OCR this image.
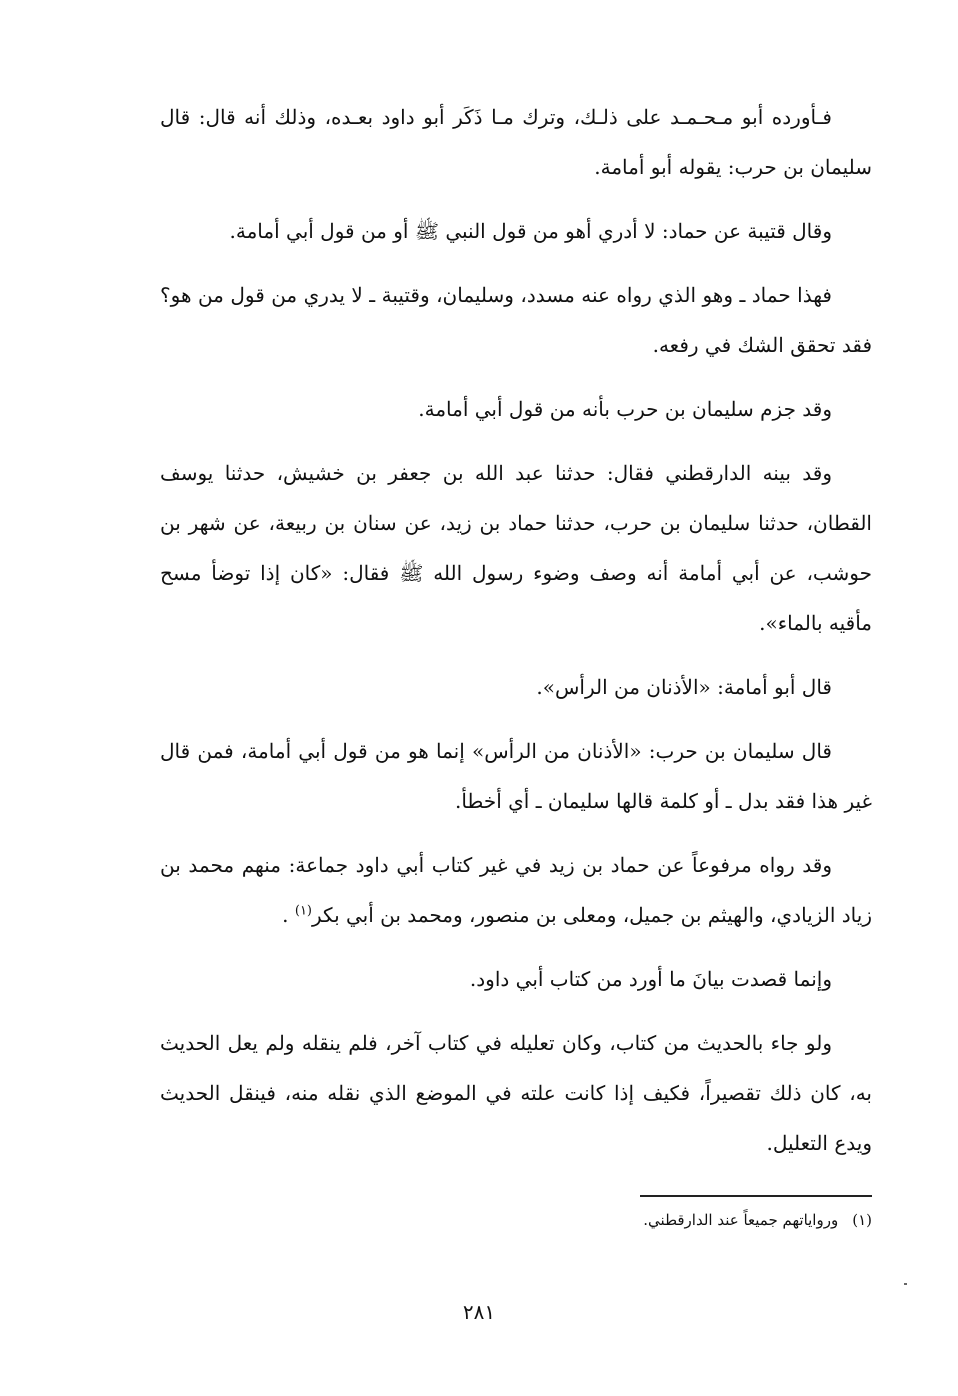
فـأورده أبو مـحـمـد على ذلـك، وترك مـا ذَكَر أبو داود بعـده، وذلك أنه قال: قال سليمان بن حرب: يقوله أبو أمامة.

وقال قتيبة عن حماد: لا أدري أهو من قول النبي ﷺ أو من قول أبي أمامة.

فهذا حماد ـ وهو الذي رواه عنه مسدد، وسليمان، وقتيبة ـ لا يدري من قول من هو؟ فقد تحقق الشك في رفعه.

وقد جزم سليمان بن حرب بأنه من قول أبي أمامة.

وقد بينه الدارقطني فقال: حدثنا عبد الله بن جعفر بن خشيش، حدثنا يوسف القطان، حدثنا سليمان بن حرب، حدثنا حماد بن زيد، عن سنان بن ربيعة، عن شهر بن حوشب، عن أبي أمامة أنه وصف وضوء رسول الله ﷺ فقال: «كان إذا توضأ مسح مأقيه بالماء».

قال أبو أمامة: «الأذنان من الرأس».

قال سليمان بن حرب: «الأذنان من الرأس» إنما هو من قول أبي أمامة، فمن قال غير هذا فقد بدل ـ أو كلمة قالها سليمان ـ أي أخطأ.

وقد رواه مرفوعاً عن حماد بن زيد في غير كتاب أبي داود جماعة: منهم محمد بن زياد الزيادي، والهيثم بن جميل، ومعلى بن منصور، ومحمد بن أبي بكر$^{(١)}$ .

وإنما قصدت بيانَ ما أورد من كتاب أبي داود.

ولو جاء بالحديث من كتاب، وكان تعليله في كتاب آخر، فلم ينقله ولم يعل الحديث به، كان ذلك تقصيراً، فكيف إذا كانت علته في الموضع الذي نقله منه، فينقل الحديث ويدع التعليل.

(١)ورواياتهم جميعاً عند الدارقطني.
٢٨١
